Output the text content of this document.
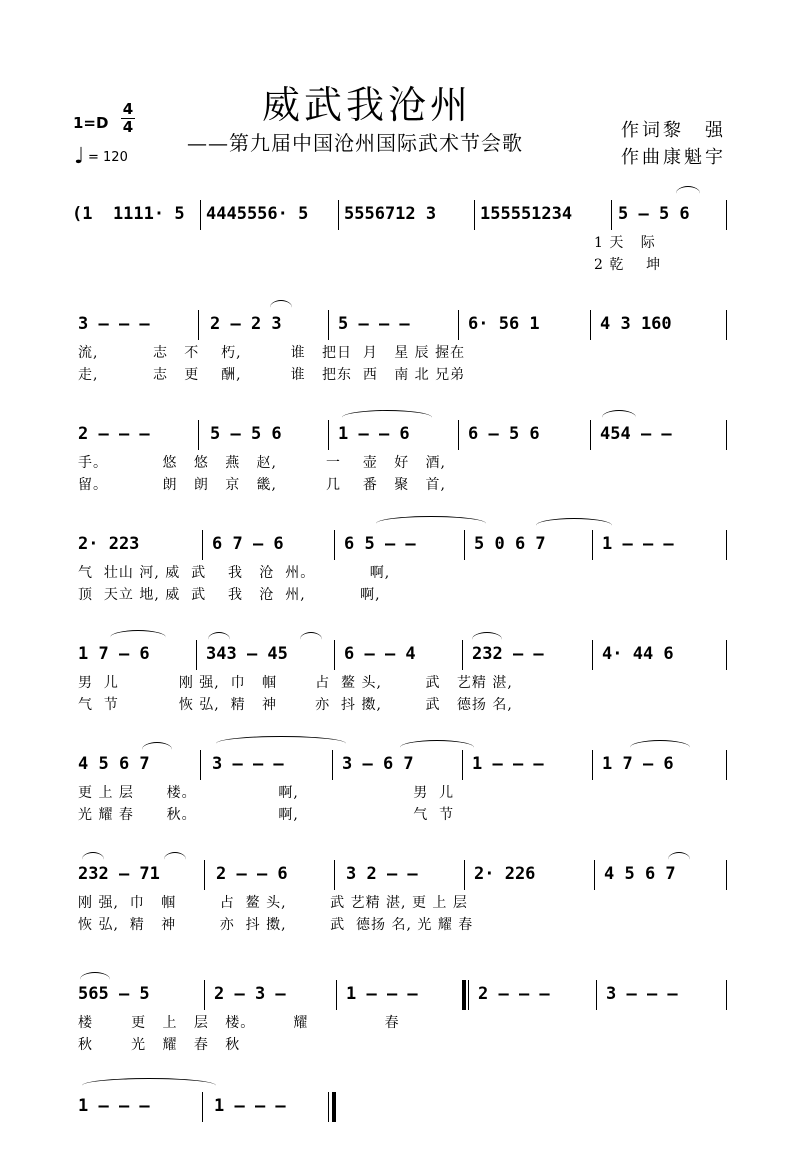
威武我沧州
——第九届中国沧州国际武术节会歌
作词黎　强
作曲康魁宇
1=D
4
4
♩ = 120
(1  1111· 5 4445556· 5 5556712 3	155551234	5 – 5 6
1 天   际
2 乾    坤
3 – – –	2 – 2 3	5 – – –	6· 56 1	4 3 160
流,          志   不    朽,         谁   把日  月   星 辰 握在
走,          志   更    酬,         谁   把东  西   南 北 兄弟
2 – – –	5 – 5 6	1 – – 6	6 – 5 6	454 – –
手。          悠   悠   燕   赵,         一    壶   好   酒,
留。          朗   朗   京   畿,         几    番   聚   首,
2· 223	6 7 – 6	6 5 – –	5 0 6 7	1 – – –
气  壮山 河, 威  武    我   沧  州。          啊,
顶  天立 地, 威  武    我   沧  州,          啊,
1 7 – 6	343 – 45	6 – – 4	232 – –	4· 44 6
男  儿           刚 强,  巾   帼       占  鳌 头,        武   艺精 湛,
气  节           恢 弘,  精   神       亦  抖 擞,        武   德扬 名,
4 5 6 7	3 – – –	3 – 6 7	1 – – –	1 7 – 6
更 上 层      楼。               啊,                     男  儿
光 耀 春      秋。               啊,                     气  节
232 – 71	2 – – 6	3 2 – –	2· 226	4 5 6 7
刚 强,  巾   帼        占  鳌 头,        武 艺精 湛, 更 上 层
恢 弘,  精   神        亦  抖 擞,        武  德扬 名, 光 耀 春
565 – 5	2 – 3 –	1 – – –	2 – – –	3 – – –
楼       更   上   层   楼。       耀              春
秋       光   耀   春   秋
1 – – –	1 – – –
